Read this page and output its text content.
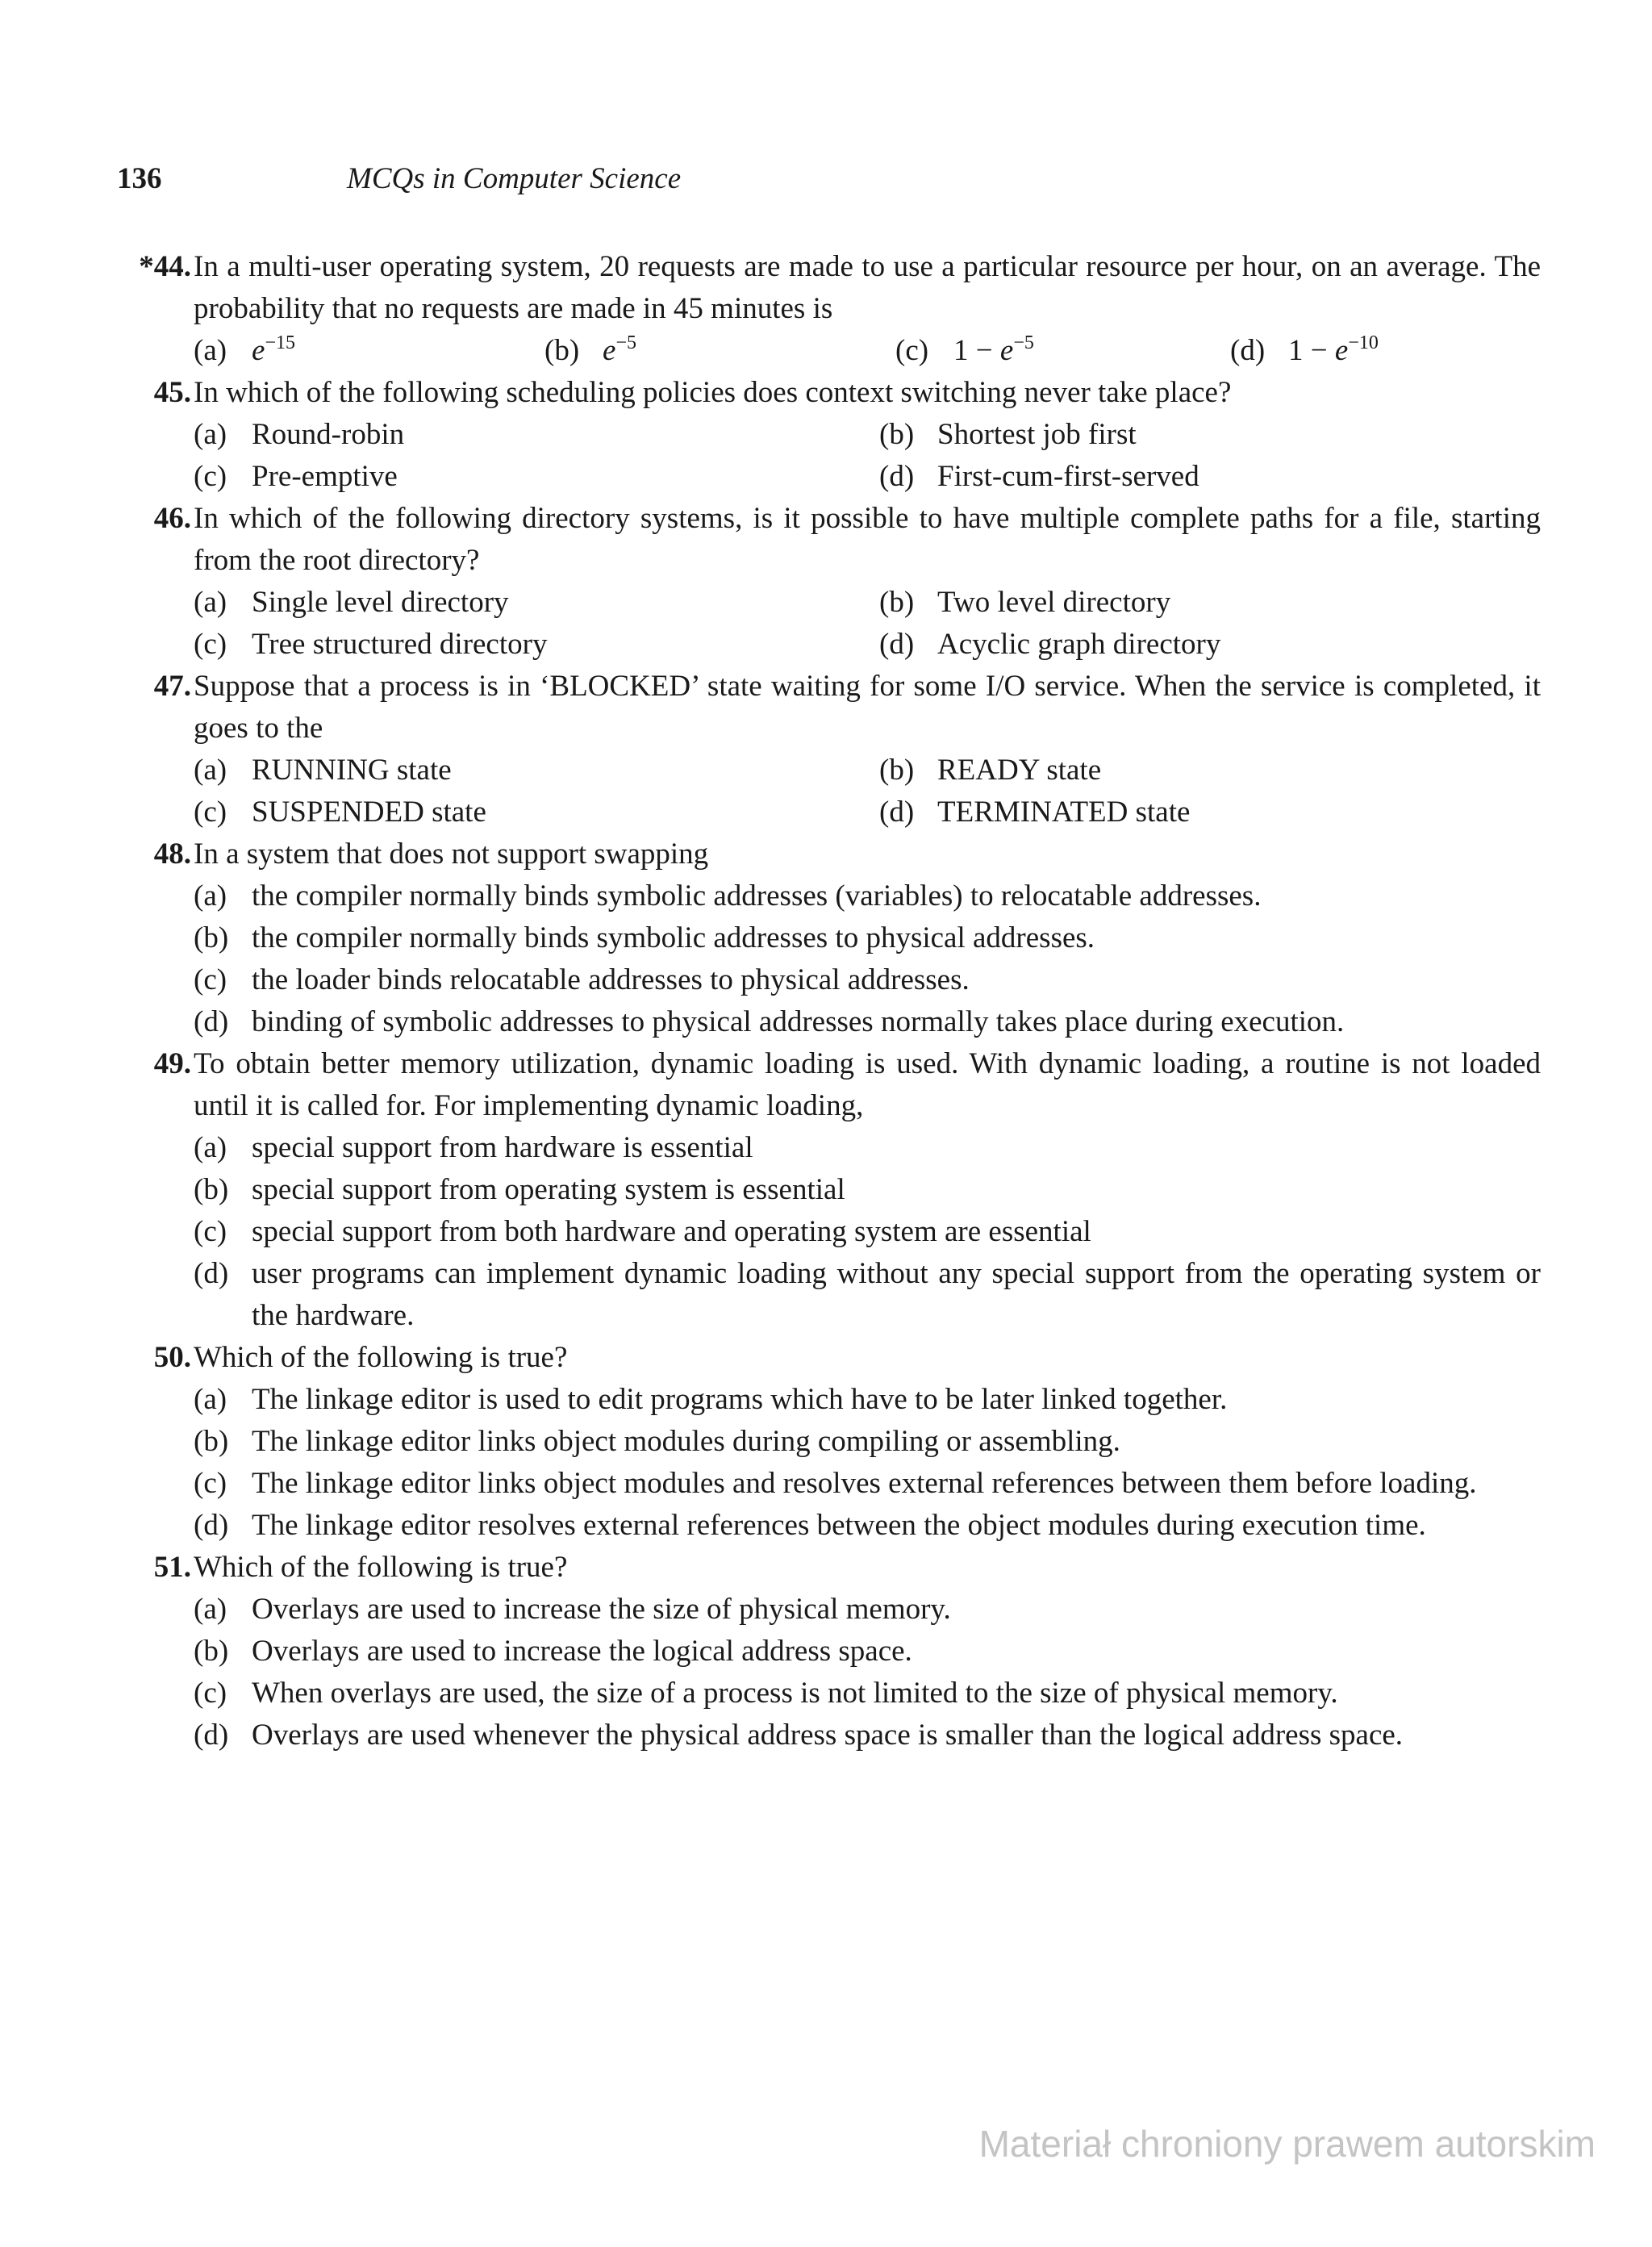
136	MCQs in Computer Science
*44. In a multi-user operating system, 20 requests are made to use a particular resource per hour, on an average. The probability that no requests are made in 45 minutes is
(a) $e^{-15}$	(b) $e^{-5}$	(c) $1 - e^{-5}$	(d) $1 - e^{-10}$
45. In which of the following scheduling policies does context switching never take place?
(a) Round-robin	(b) Shortest job first
(c) Pre-emptive	(d) First-cum-first-served
46. In which of the following directory systems, is it possible to have multiple complete paths for a file, starting from the root directory?
(a) Single level directory	(b) Two level directory
(c) Tree structured directory	(d) Acyclic graph directory
47. Suppose that a process is in ‘BLOCKED’ state waiting for some I/O service. When the service is completed, it goes to the
(a) RUNNING state	(b) READY state
(c) SUSPENDED state	(d) TERMINATED state
48. In a system that does not support swapping
(a) the compiler normally binds symbolic addresses (variables) to relocatable addresses.
(b) the compiler normally binds symbolic addresses to physical addresses.
(c) the loader binds relocatable addresses to physical addresses.
(d) binding of symbolic addresses to physical addresses normally takes place during execution.
49. To obtain better memory utilization, dynamic loading is used. With dynamic loading, a routine is not loaded until it is called for. For implementing dynamic loading,
(a) special support from hardware is essential
(b) special support from operating system is essential
(c) special support from both hardware and operating system are essential
(d) user programs can implement dynamic loading without any special support from the operating system or the hardware.
50. Which of the following is true?
(a) The linkage editor is used to edit programs which have to be later linked together.
(b) The linkage editor links object modules during compiling or assembling.
(c) The linkage editor links object modules and resolves external references between them before loading.
(d) The linkage editor resolves external references between the object modules during execution time.
51. Which of the following is true?
(a) Overlays are used to increase the size of physical memory.
(b) Overlays are used to increase the logical address space.
(c) When overlays are used, the size of a process is not limited to the size of physical memory.
(d) Overlays are used whenever the physical address space is smaller than the logical address space.
Materiał chroniony prawem autorskim
